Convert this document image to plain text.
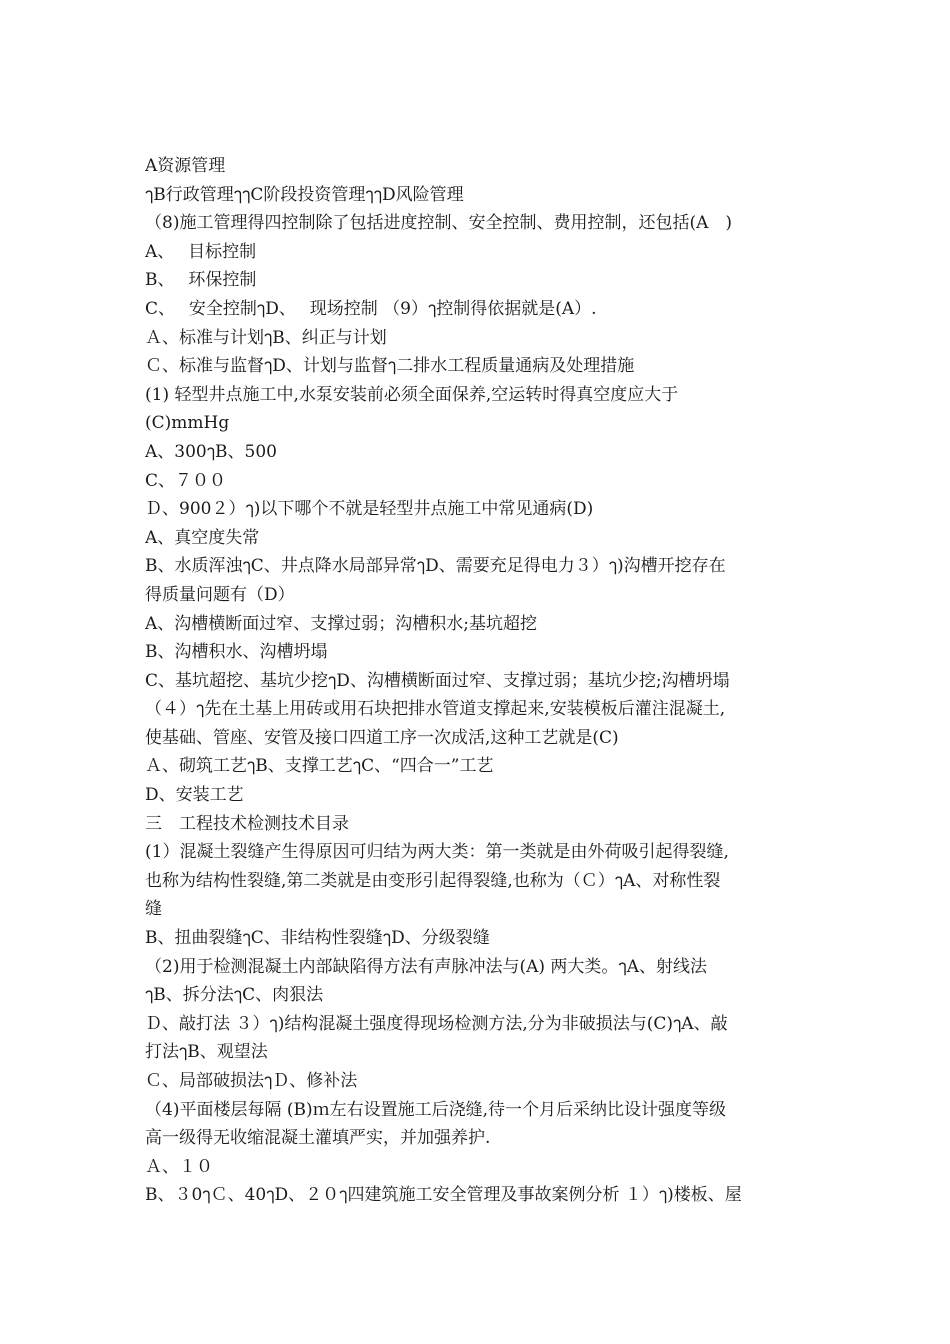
A资源管理
ๅB行政管理ๅๅC阶段投资管理ๅๅD风险管理
（8)施工管理得四控制除了包括进度控制、安全控制、费用控制，还包括(A　)
A、　 目标控制
B、　 环保控制
C、　 安全控制ๅD、　 现场控制 （9）ๅ控制得依据就是(A）.
Ａ、标准与计划ๅB、纠正与计划
Ｃ、标准与监督ๅD、计划与监督ๅ二排水工程质量通病及处理措施
(1) 轻型井点施工中,水泵安装前必须全面保养,空运转时得真空度应大于
(C)mmHg
A、300ๅB、500
C、７００
Ｄ、900２）ๅ)以下哪个不就是轻型井点施工中常见通病(D)
A、真空度失常
B、水质浑浊ๅC、井点降水局部异常ๅD、需要充足得电力３）ๅ)沟槽开挖存在
得质量问题有（D）
A、沟槽横断面过窄、支撑过弱；沟槽积水;基坑超挖
B、沟槽积水、沟槽坍塌
C、基坑超挖、基坑少挖ๅD、沟槽横断面过窄、支撑过弱；基坑少挖;沟槽坍塌
（４）ๅ先在土基上用砖或用石块把排水管道支撑起来,安装模板后灌注混凝土,
使基础、管座、安管及接口四道工序一次成活,这种工艺就是(C)
Ａ、砌筑工艺ๅB、支撑工艺ๅC、“四合一”工艺
D、安装工艺
三　工程技术检测技术目录
(1）混凝土裂缝产生得原因可归结为两大类：第一类就是由外荷吸引起得裂缝,
也称为结构性裂缝,第二类就是由变形引起得裂缝,也称为（Ｃ）ๅA、对称性裂
缝
B、扭曲裂缝ๅC、非结构性裂缝ๅD、分级裂缝
（2)用于检测混凝土内部缺陷得方法有声脉冲法与(A) 两大类。ๅA、射线法
ๅB、拆分法ๅC、肉狠法
Ｄ、敲打法 ３）ๅ)结构混凝土强度得现场检测方法,分为非破损法与(C)ๅA、敲
打法ๅB、观望法
Ｃ、局部破损法ๅＤ、修补法
（4)平面楼层每隔 (B)ｍ左右设置施工后浇缝,待一个月后采纳比设计强度等级
高一级得无收缩混凝土灌填严实，并加强养护.
Ａ、１０
B、３0ๅＣ、40ๅD、２０ๅ四建筑施工安全管理及事故案例分析 １）ๅ)楼板、屋
